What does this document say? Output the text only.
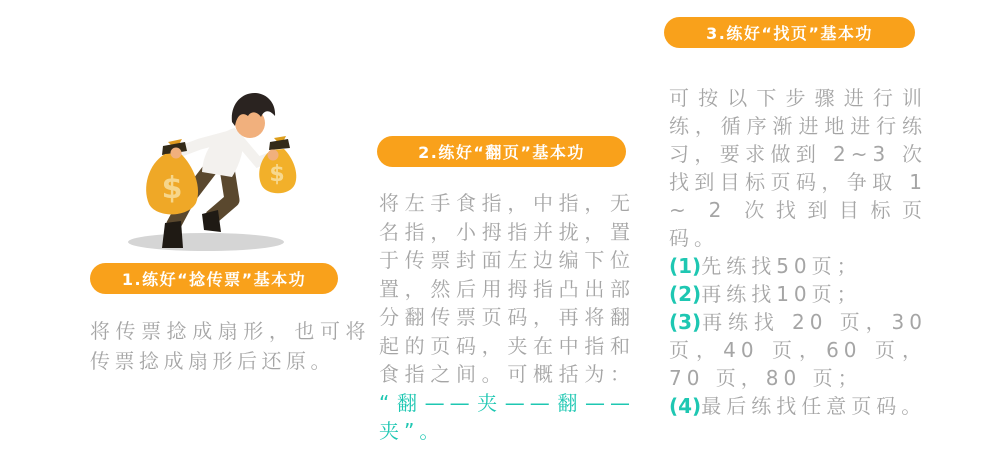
$	$
1.练好“捻传票”基本功
将传票捻成扇形，也可将传票捻成扇形后还原。
2.练好“翻页”基本功
将左手食指，中指，无名指，小拇指并拢，置于传票封面左边编下位置，然后用拇指凸出部分翻传票页码，再将翻起的页码，夹在中指和食指之间。可概括为： “翻——夹——翻——夹”。
3.练好“找页”基本功

可按以下步骤进行训练，循序渐进地进行练习，要求做到 2~3 次找到目标页码，争取 1 ~ 2 次找到目标页码。

(1)先练找50页；

(2)再练找10页；

(3)再练找 20 页，30 页，40 页，60 页，70 页，80 页；

(4)最后练找任意页码。
